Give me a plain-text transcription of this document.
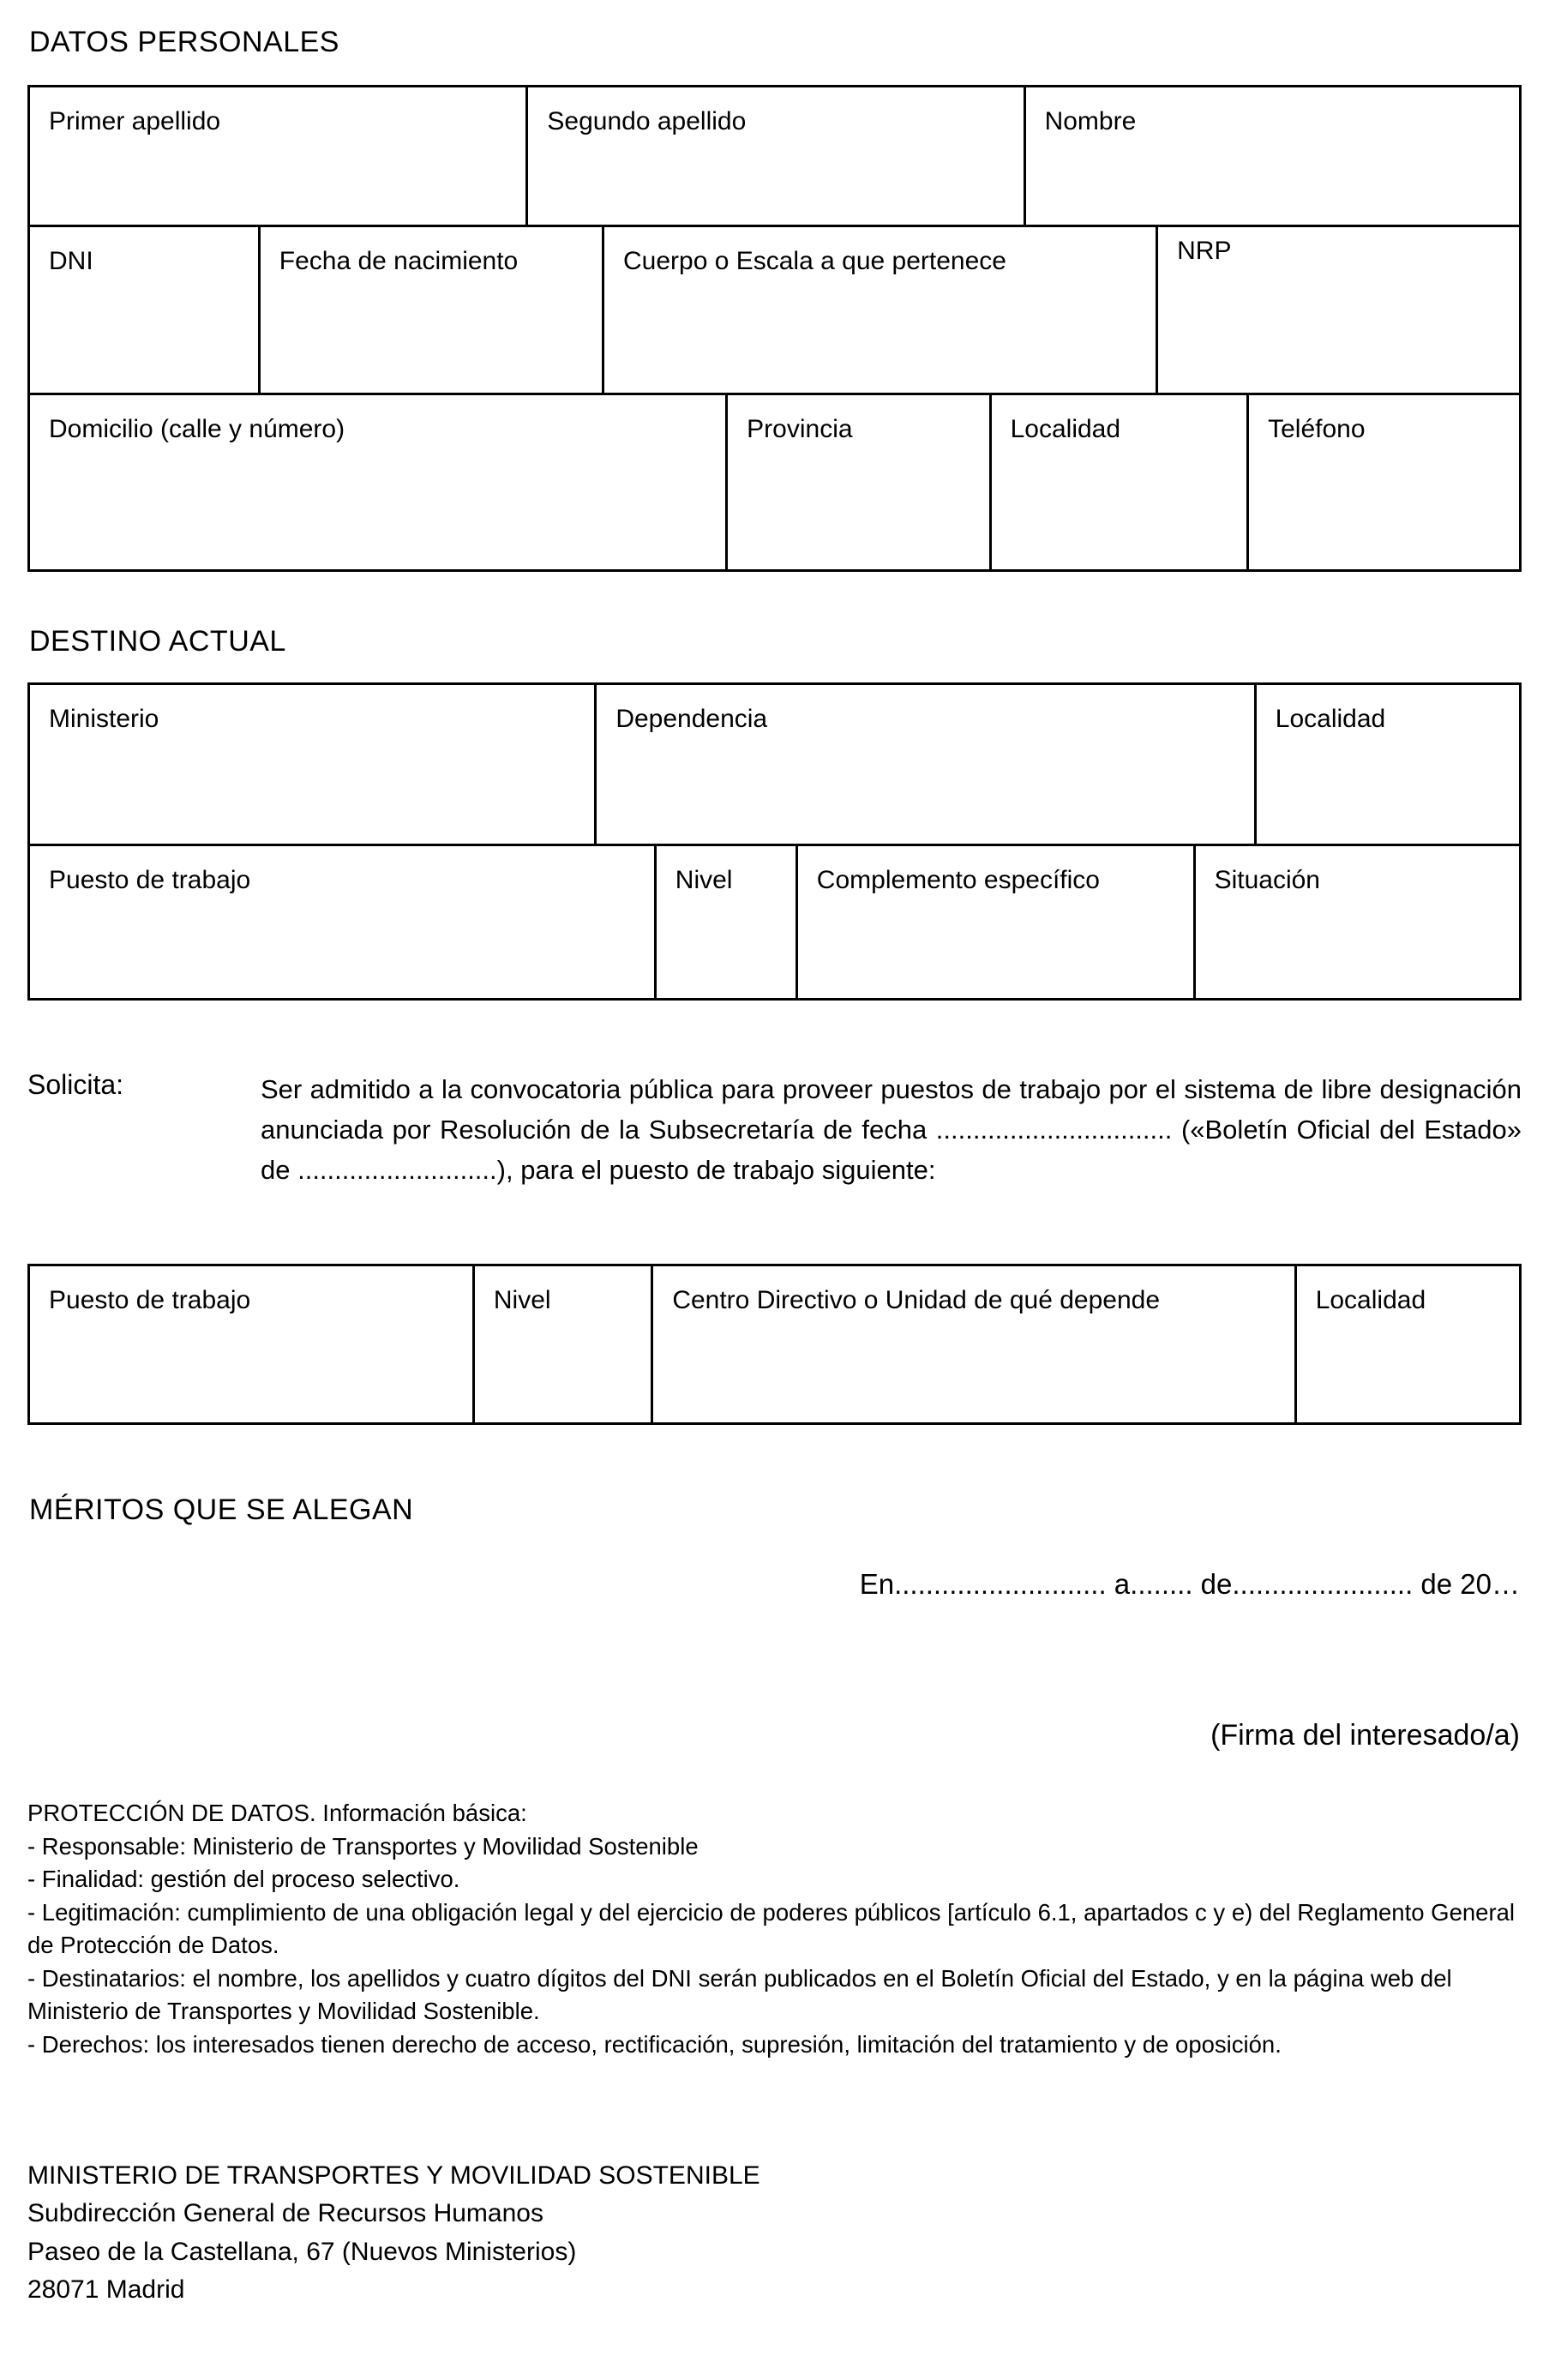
DATOS PERSONALES
Primer apellido	Segundo apellido	Nombre
DNI	Fecha de nacimiento	Cuerpo o Escala a que pertenece	NRP
Domicilio (calle y número)	Provincia	Localidad	Teléfono
DESTINO ACTUAL
Ministerio	Dependencia	Localidad
Puesto de trabajo	Nivel	Complemento específico	Situación
Solicita:	Ser admitido a la convocatoria pública para proveer puestos de trabajo por el sistema de libre designación anunciada por Resolución de la Subsecretaría de fecha ................................ («Boletín Oficial del Estado» de ...........................), para el puesto de trabajo siguiente:
Puesto de trabajo	Nivel	Centro Directivo o Unidad de qué depende	Localidad
MÉRITOS QUE SE ALEGAN
En........................... a........ de....................... de 20…
(Firma del interesado/a)

PROTECCIÓN DE DATOS. Información básica:

- Responsable: Ministerio de Transportes y Movilidad Sostenible

- Finalidad: gestión del proceso selectivo.

- Legitimación: cumplimiento de una obligación legal y del ejercicio de poderes públicos [artículo 6.1, apartados c y e) del Reglamento General de Protección de Datos.

- Destinatarios: el nombre, los apellidos y cuatro dígitos del DNI serán publicados en el Boletín Oficial del Estado, y en la página web del Ministerio de Transportes y Movilidad Sostenible.

- Derechos: los interesados tienen derecho de acceso, rectificación, supresión, limitación del tratamiento y de oposición.

MINISTERIO DE TRANSPORTES Y MOVILIDAD SOSTENIBLE

Subdirección General de Recursos Humanos

Paseo de la Castellana, 67 (Nuevos Ministerios)

28071 Madrid
